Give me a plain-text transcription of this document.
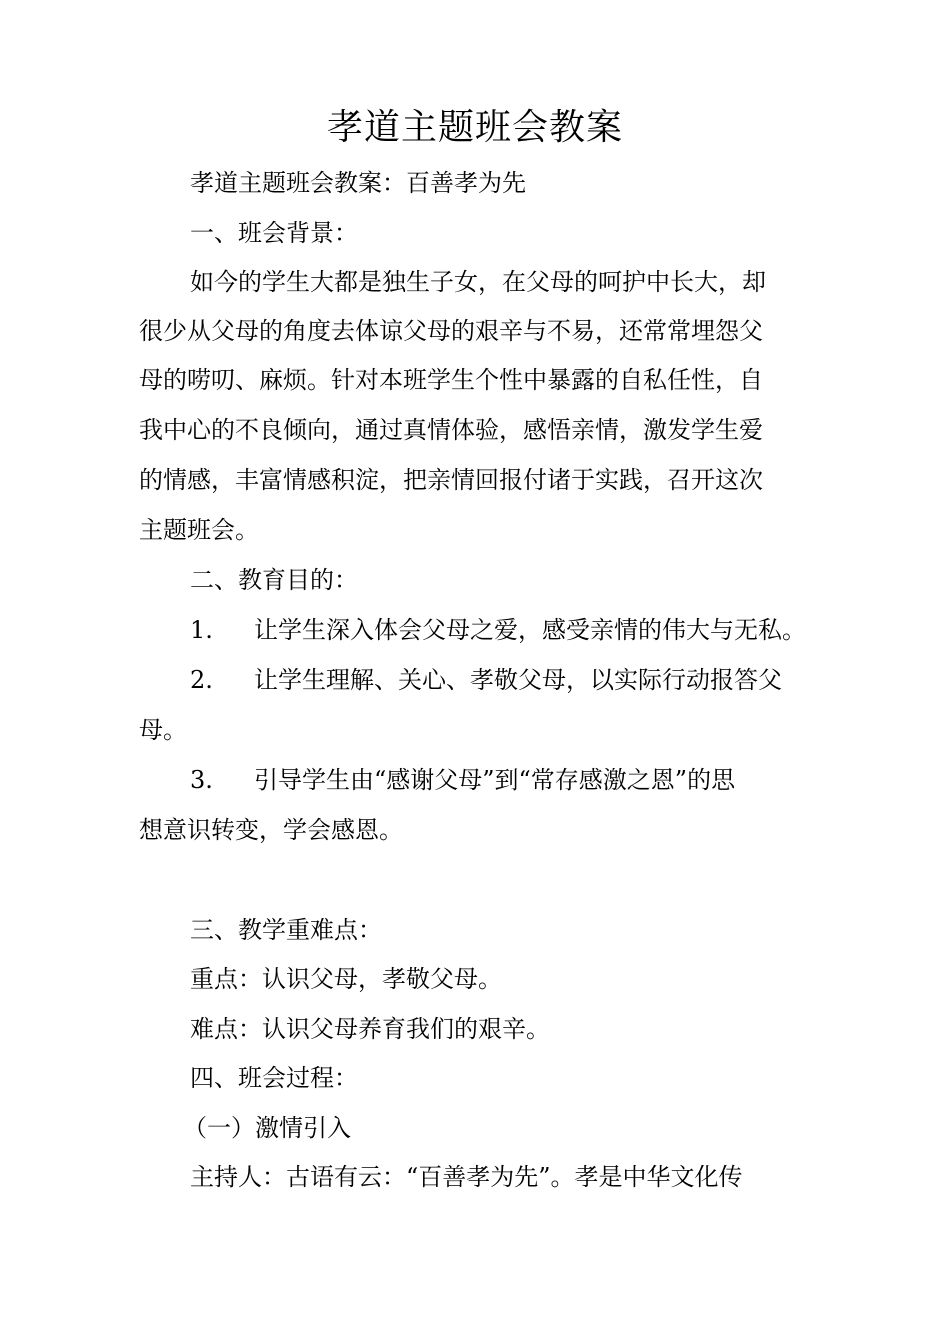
孝道主题班会教案
孝道主题班会教案：百善孝为先
一、班会背景：
如今的学生大都是独生子女，在父母的呵护中长大，却
很少从父母的角度去体谅父母的艰辛与不易，还常常埋怨父
母的唠叨、麻烦。针对本班学生个性中暴露的自私任性，自
我中心的不良倾向，通过真情体验，感悟亲情，激发学生爱
的情感，丰富情感积淀，把亲情回报付诸于实践，召开这次
主题班会。
二、教育目的：
1. 让学生深入体会父母之爱，感受亲情的伟大与无私。
2. 让学生理解、关心、孝敬父母，以实际行动报答父
母。
3. 引导学生由“感谢父母”到“常存感激之恩”的思
想意识转变，学会感恩。
三、教学重难点：
重点：认识父母，孝敬父母。
难点：认识父母养育我们的艰辛。
四、班会过程：
（一）激情引入
主持人：古语有云：“百善孝为先”。孝是中华文化传
